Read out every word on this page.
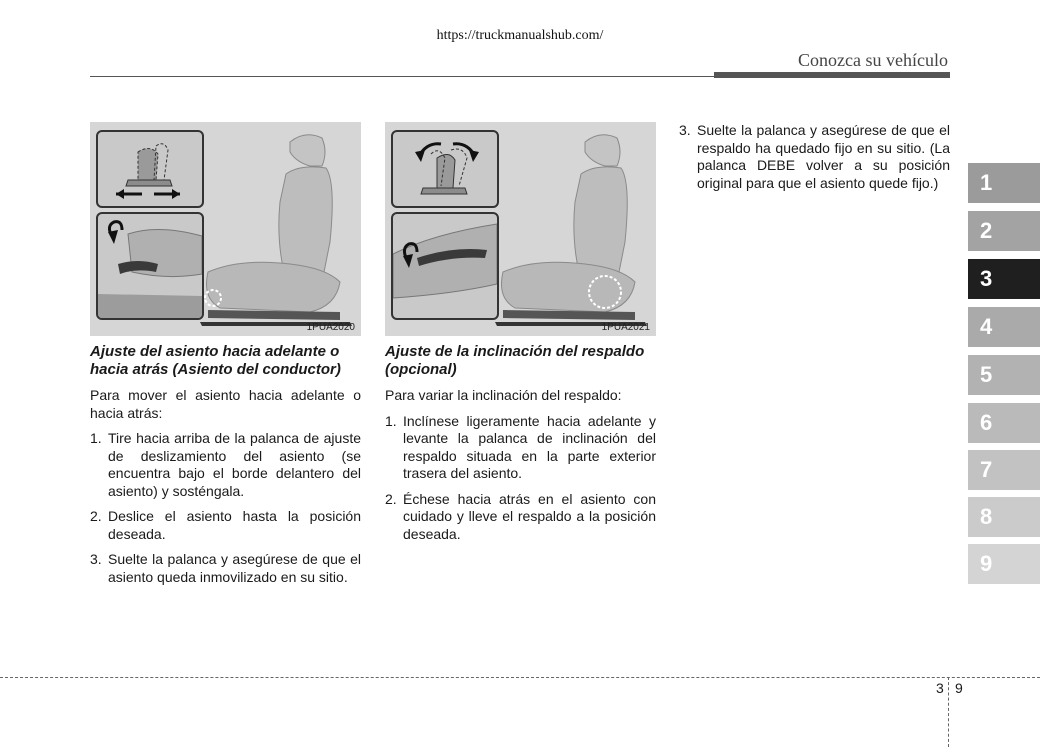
https://truckmanualshub.com/
Conozca su vehículo
1PUA2020	1PUA2021
Ajuste del asiento hacia adelante o hacia atrás (Asiento del conductor)
Para mover el asiento hacia adelante o hacia atrás:
1. Tire hacia arriba de la palanca de ajuste de deslizamiento del asiento (se encuentra bajo el borde delantero del asiento) y sosténgala.
2. Deslice el asiento hasta la posición deseada.
3. Suelte la palanca y asegúrese de que el asiento queda inmovilizado en su sitio.
Ajuste de la inclinación del respaldo (opcional)
Para variar la inclinación del respaldo:
1. Inclínese ligeramente hacia adelante y levante la palanca de inclinación del respaldo situada en la parte exterior trasera del asiento.
2. Échese hacia atrás en el asiento con cuidado y lleve el respaldo a la posición deseada.
3. Suelte la palanca y asegúrese de que el respaldo ha quedado fijo en su sitio. (La palanca DEBE volver a su posición original para que el asiento quede fijo.)	1
2
3
4
5
6
7
8
9
3 9
